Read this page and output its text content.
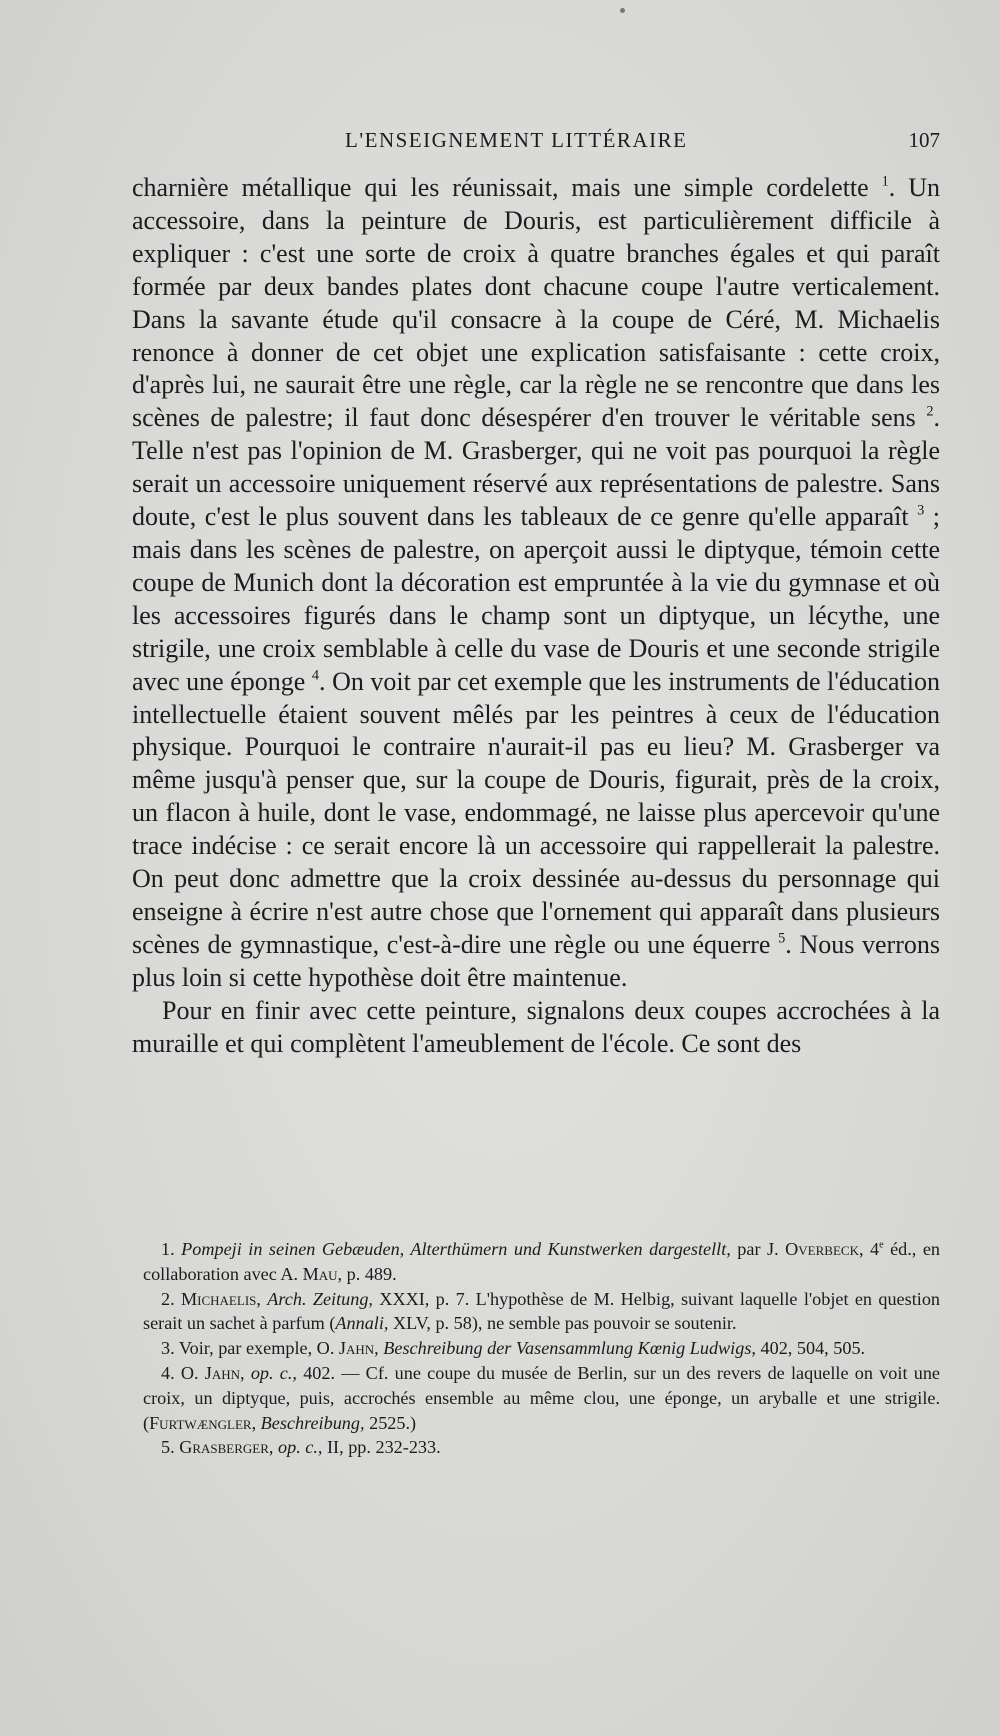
L'ENSEIGNEMENT LITTÉRAIRE	107

charnière métallique qui les réunissait, mais une simple cordelette $^1$. Un accessoire, dans la peinture de Douris, est particulièrement difficile à expliquer : c'est une sorte de croix à quatre branches égales et qui paraît formée par deux bandes plates dont chacune coupe l'autre verticalement. Dans la savante étude qu'il consacre à la coupe de Céré, M. Michaelis renonce à donner de cet objet une explication satisfaisante : cette croix, d'après lui, ne saurait être une règle, car la règle ne se rencontre que dans les scènes de palestre; il faut donc désespérer d'en trouver le véritable sens $^2$. Telle n'est pas l'opinion de M. Grasberger, qui ne voit pas pourquoi la règle serait un accessoire uniquement réservé aux représentations de palestre. Sans doute, c'est le plus souvent dans les tableaux de ce genre qu'elle apparaît $^3$ ; mais dans les scènes de palestre, on aperçoit aussi le diptyque, témoin cette coupe de Munich dont la décoration est empruntée à la vie du gymnase et où les accessoires figurés dans le champ sont un diptyque, un lécythe, une strigile, une croix semblable à celle du vase de Douris et une seconde strigile avec une éponge $^4$. On voit par cet exemple que les instruments de l'éducation intellectuelle étaient souvent mêlés par les peintres à ceux de l'éducation physique. Pourquoi le contraire n'aurait-il pas eu lieu? M. Grasberger va même jusqu'à penser que, sur la coupe de Douris, figurait, près de la croix, un flacon à huile, dont le vase, endommagé, ne laisse plus apercevoir qu'une trace indécise : ce serait encore là un accessoire qui rappellerait la palestre. On peut donc admettre que la croix dessinée au-dessus du personnage qui enseigne à écrire n'est autre chose que l'ornement qui apparaît dans plusieurs scènes de gymnastique, c'est-à-dire une règle ou une équerre $^5$. Nous verrons plus loin si cette hypothèse doit être maintenue.

Pour en finir avec cette peinture, signalons deux coupes accrochées à la muraille et qui complètent l'ameublement de l'école. Ce sont des

1. Pompeji in seinen Gebæuden, Alterthümern und Kunstwerken dargestellt, par J. Overbeck, 4e éd., en collaboration avec A. Mau, p. 489.

2. Michaelis, Arch. Zeitung, XXXI, p. 7. L'hypothèse de M. Helbig, suivant laquelle l'objet en question serait un sachet à parfum (Annali, XLV, p. 58), ne semble pas pouvoir se soutenir.

3. Voir, par exemple, O. Jahn, Beschreibung der Vasensammlung Kœnig Ludwigs, 402, 504, 505.

4. O. Jahn, op. c., 402. — Cf. une coupe du musée de Berlin, sur un des revers de laquelle on voit une croix, un diptyque, puis, accrochés ensemble au même clou, une éponge, un aryballe et une strigile. (Furtwængler, Beschreibung, 2525.)

5. Grasberger, op. c., II, pp. 232-233.
